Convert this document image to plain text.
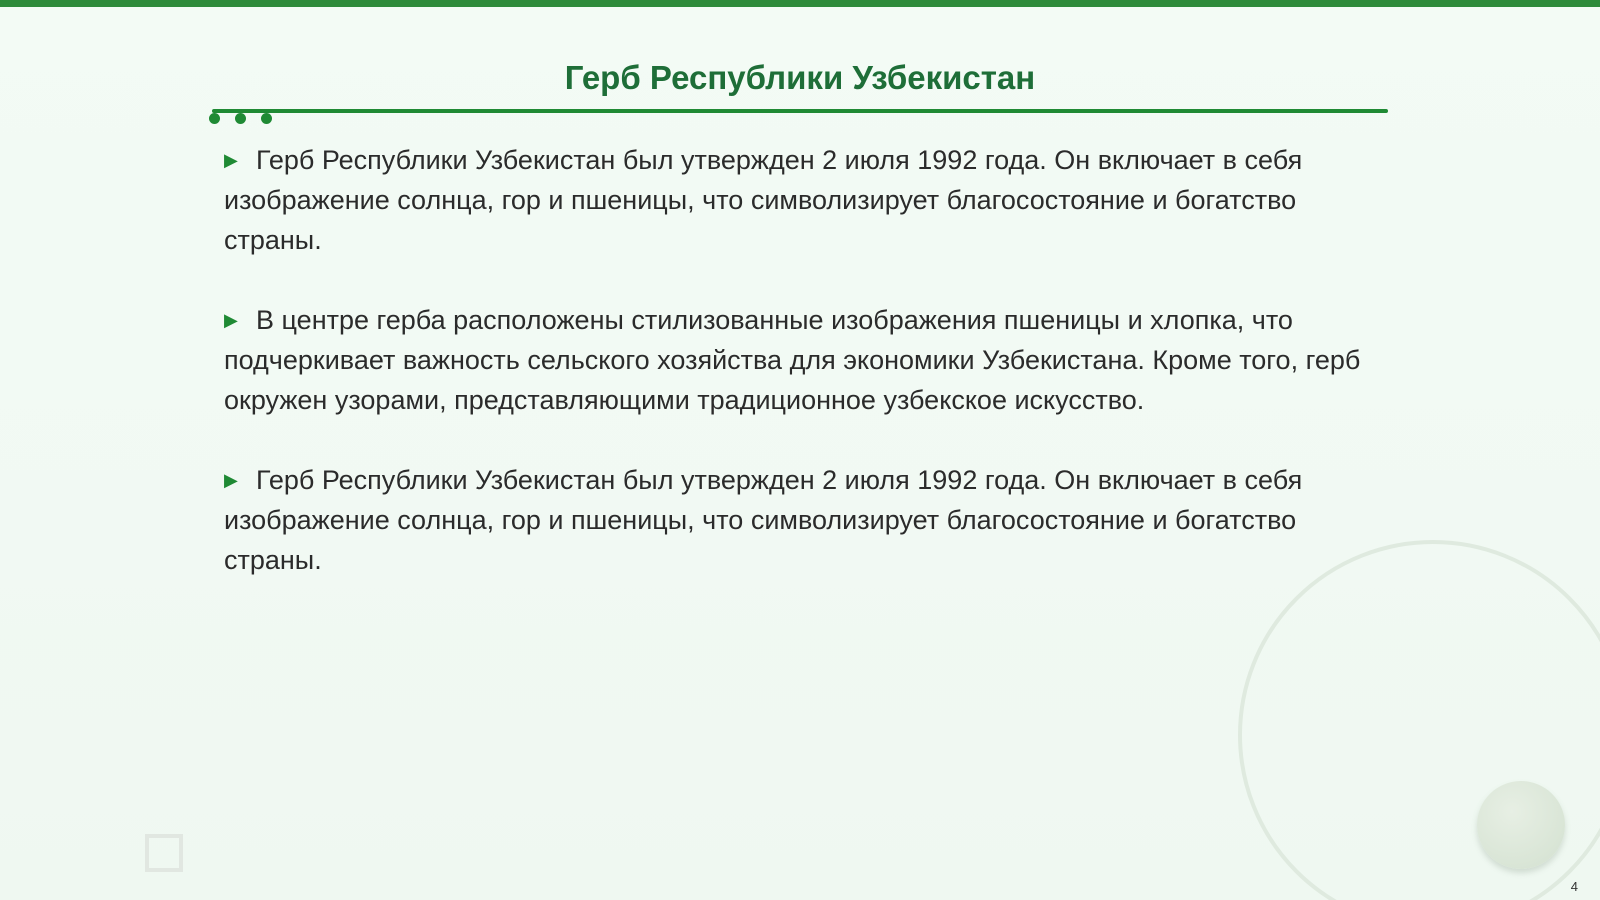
Герб Республики Узбекистан

▶ Герб Республики Узбекистан был утвержден 2 июля 1992 года. Он включает в себя изображение солнца, гор и пшеницы, что символизирует благосостояние и богатство страны.

▶ В центре герба расположены стилизованные изображения пшеницы и хлопка, что подчеркивает важность сельского хозяйства для экономики Узбекистана. Кроме того, герб окружен узорами, представляющими традиционное узбекское искусство.

▶ Герб Республики Узбекистан был утвержден 2 июля 1992 года. Он включает в себя изображение солнца, гор и пшеницы, что символизирует благосостояние и богатство страны.

4
